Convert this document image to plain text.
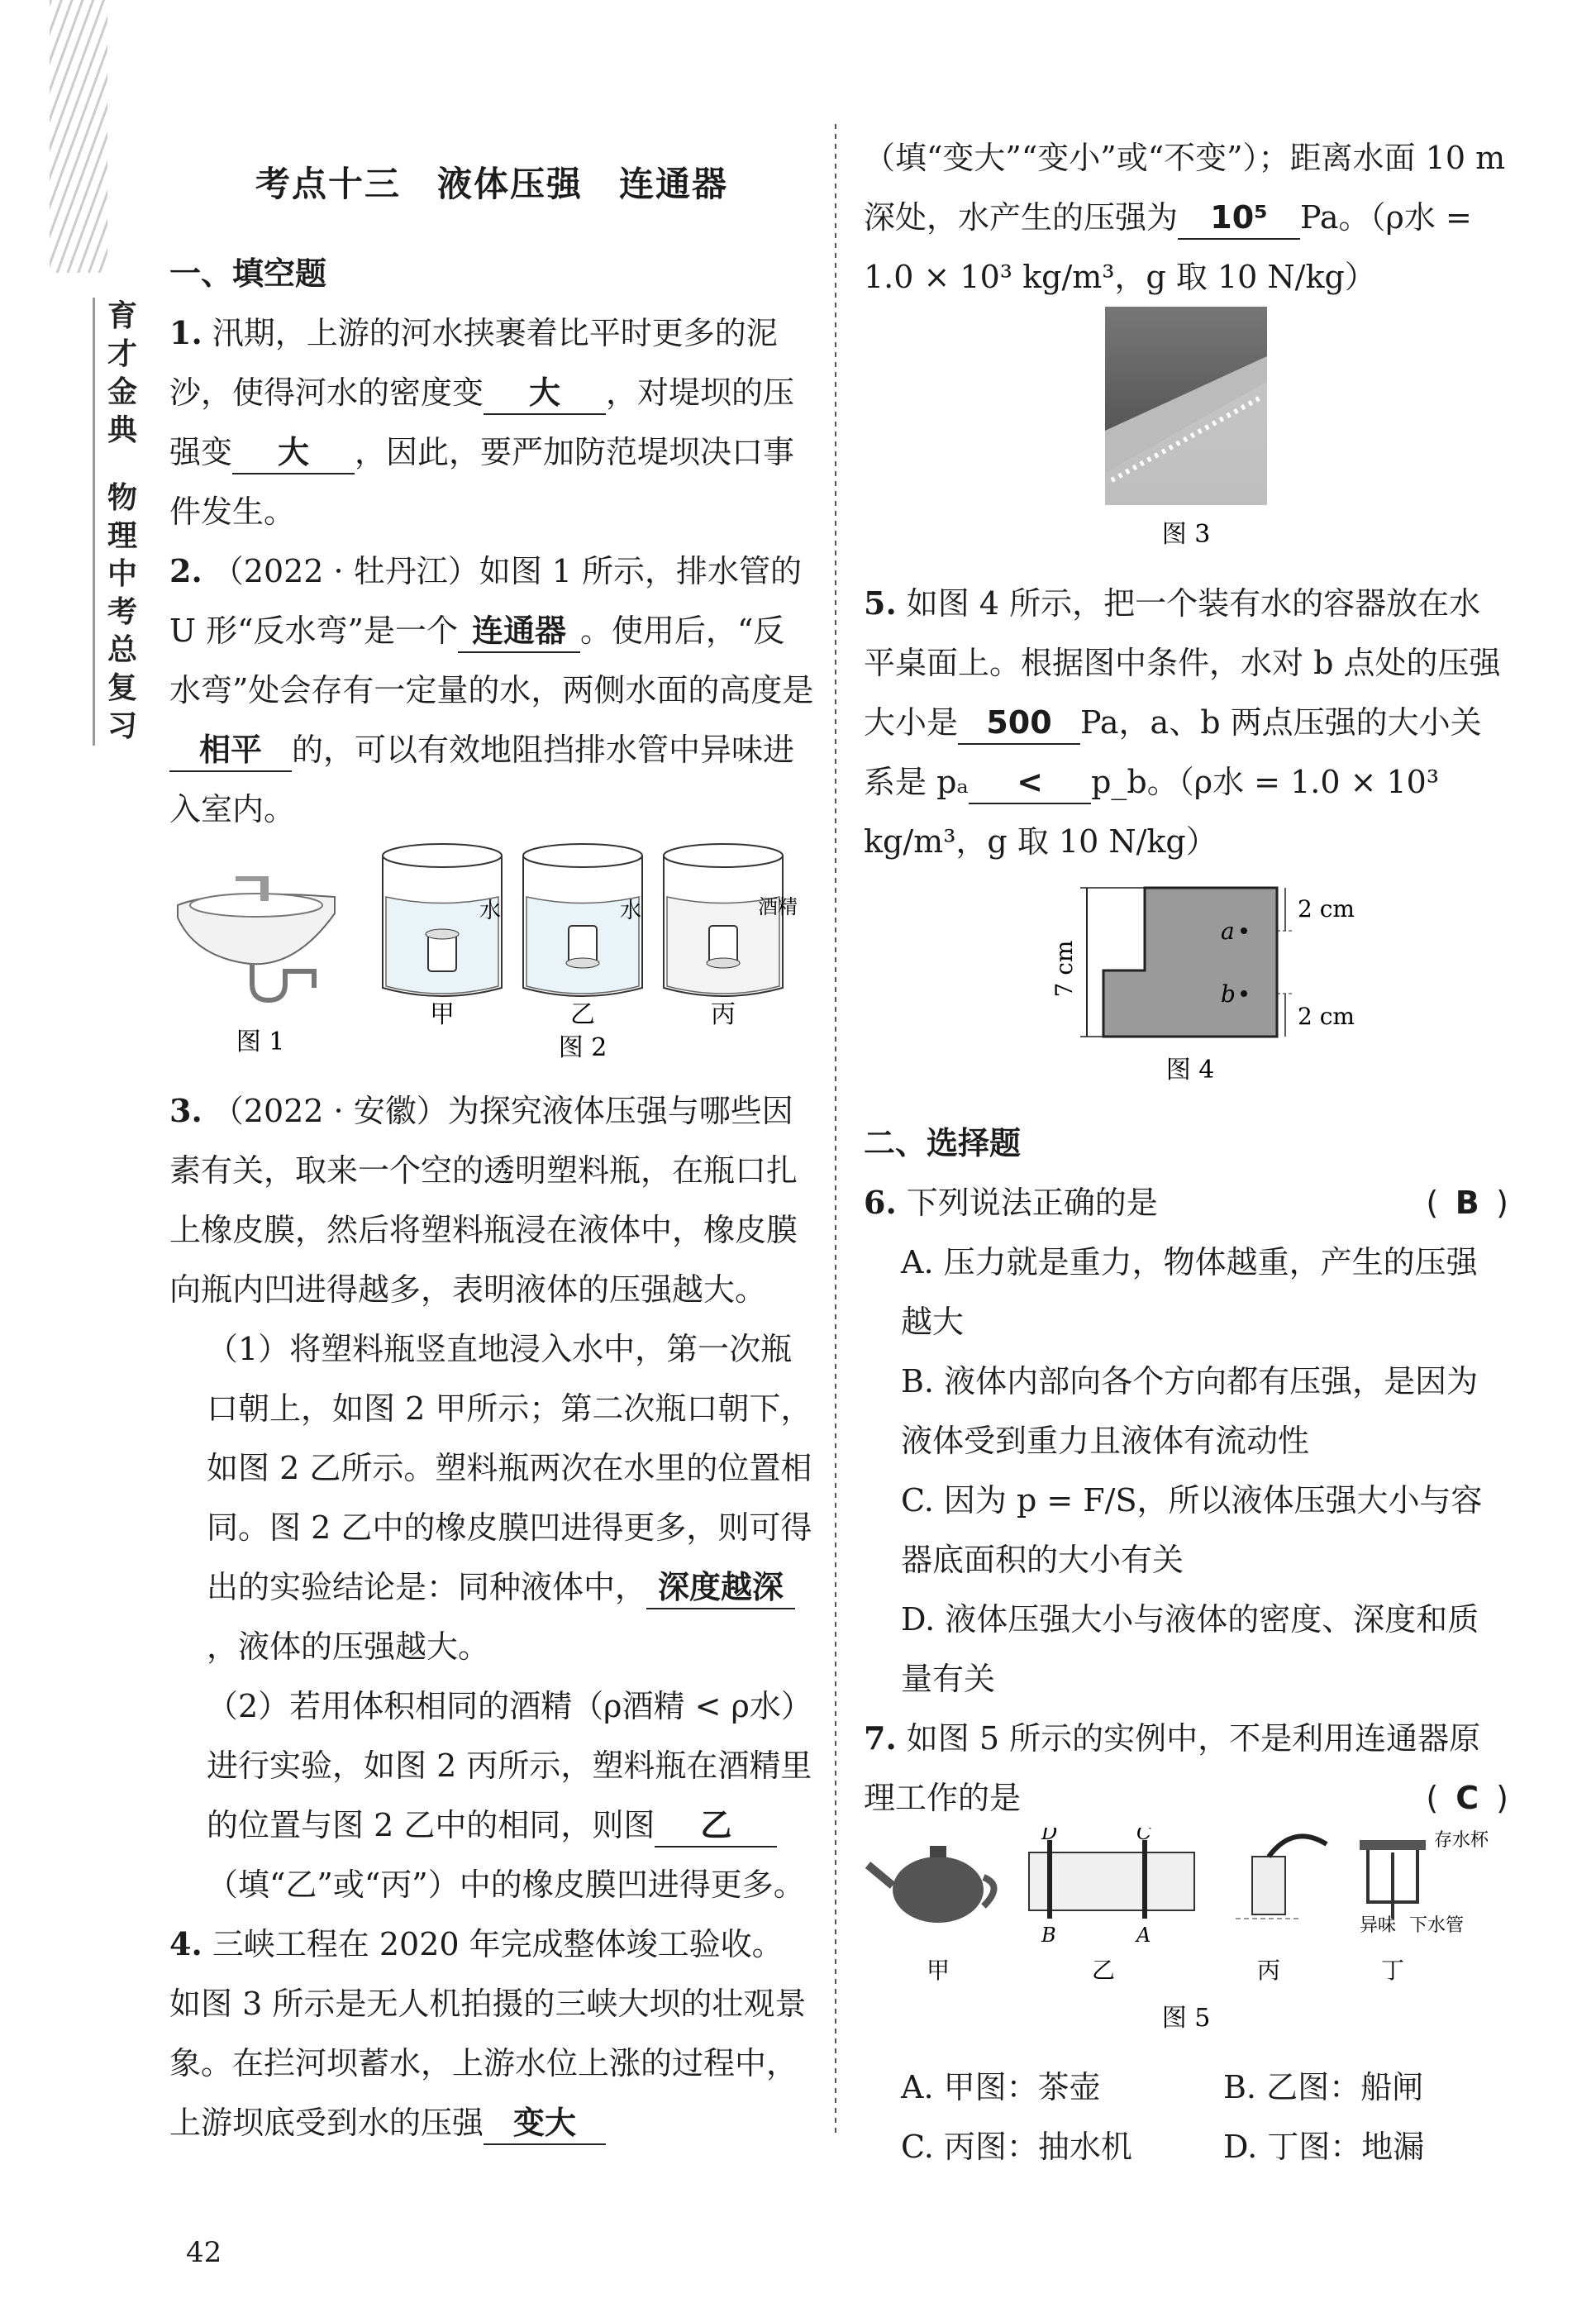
育
才
金
典
物
理
中
考
总
复
习
考点十三　液体压强　连通器
一、填空题

1. 汛期，上游的河水挟裹着比平时更多的泥沙，使得河水的密度变 大 ，对堤坝的压强变 大 ，因此，要严加防范堤坝决口事件发生。

2. （2022 · 牡丹江）如图 1 所示，排水管的 U 形“反水弯”是一个 连通器 。使用后，“反水弯”处会存有一定量的水，两侧水面的高度是相平 的，可以有效地阻挡排水管中异味进入室内。

图 1
水	水	酒精
甲	乙	丙
图 2

3. （2022 · 安徽）为探究液体压强与哪些因素有关，取来一个空的透明塑料瓶，在瓶口扎上橡皮膜，然后将塑料瓶浸在液体中，橡皮膜向瓶内凹进得越多，表明液体的压强越大。

（1）将塑料瓶竖直地浸入水中，第一次瓶口朝上，如图 2 甲所示；第二次瓶口朝下，如图 2 乙所示。塑料瓶两次在水里的位置相同。图 2 乙中的橡皮膜凹进得更多，则可得出的实验结论是：同种液体中， 深度越深，液体的压强越大。

（2）若用体积相同的酒精（ρ酒精 < ρ水）进行实验，如图 2 丙所示，塑料瓶在酒精里的位置与图 2 乙中的相同，则图 乙（填“乙”或“丙”）中的橡皮膜凹进得更多。

4. 三峡工程在 2020 年完成整体竣工验收。如图 3 所示是无人机拍摄的三峡大坝的壮观景象。在拦河坝蓄水，上游水位上涨的过程中，上游坝底受到水的压强 变大

（填“变大”“变小”或“不变”）；距离水面 10 m 深处，水产生的压强为 10⁵ Pa。（ρ水 = 1.0 × 10³ kg/m³，g 取 10 N/kg）

图 3

5. 如图 4 所示，把一个装有水的容器放在水平桌面上。根据图中条件，水对 b 点处的压强大小是 500 Pa，a、b 两点压强的大小关系是 pₐ < p_b。（ρ水 = 1.0 × 10³ kg/m³，g 取 10 N/kg）

7 cm
2 cm
2 cm
a
b
图 4
二、选择题

( B )
6. 下列说法正确的是

A. 压力就是重力，物体越重，产生的压强越大

B. 液体内部向各个方向都有压强，是因为液体受到重力且液体有流动性

C. 因为 p = F/S，所以液体压强大小与容器底面积的大小有关

D. 液体压强大小与液体的密度、深度和质量有关

7. 如图 5 所示的实例中，不是利用连通器原理工作的是	( C )

D	C
B	A
存水杯
异味 下水管
甲	乙	丙	丁
图 5
A. 甲图：茶壶	B. 乙图：船闸
C. 丙图：抽水机	D. 丁图：地漏
42
